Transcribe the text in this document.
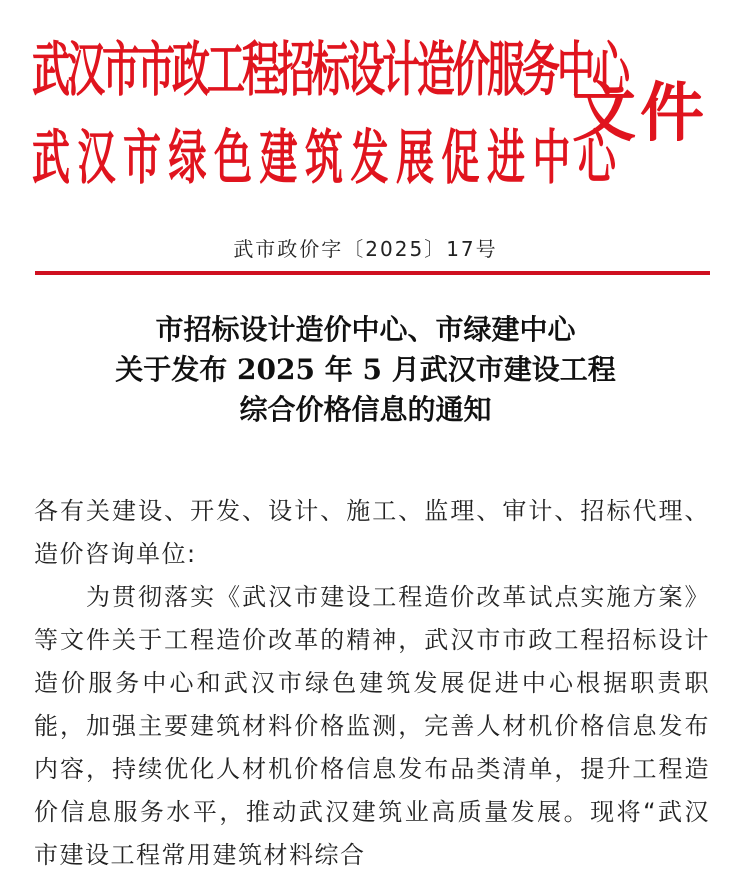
武汉市市政工程招标设计造价服务中心
武汉市绿色建筑发展促进中心
文件
武市政价字〔2025〕17号
市招标设计造价中心、市绿建中心
关于发布 2025 年 5 月武汉市建设工程
综合价格信息的通知

各有关建设、开发、设计、施工、监理、审计、招标代理、造价咨询单位:

为贯彻落实《武汉市建设工程造价改革试点实施方案》等文件关于工程造价改革的精神，武汉市市政工程招标设计造价服务中心和武汉市绿色建筑发展促进中心根据职责职能，加强主要建筑材料价格监测，完善人材机价格信息发布内容，持续优化人材机价格信息发布品类清单，提升工程造价信息服务水平，推动武汉建筑业高质量发展。现将“武汉市建设工程常用建筑材料综合
